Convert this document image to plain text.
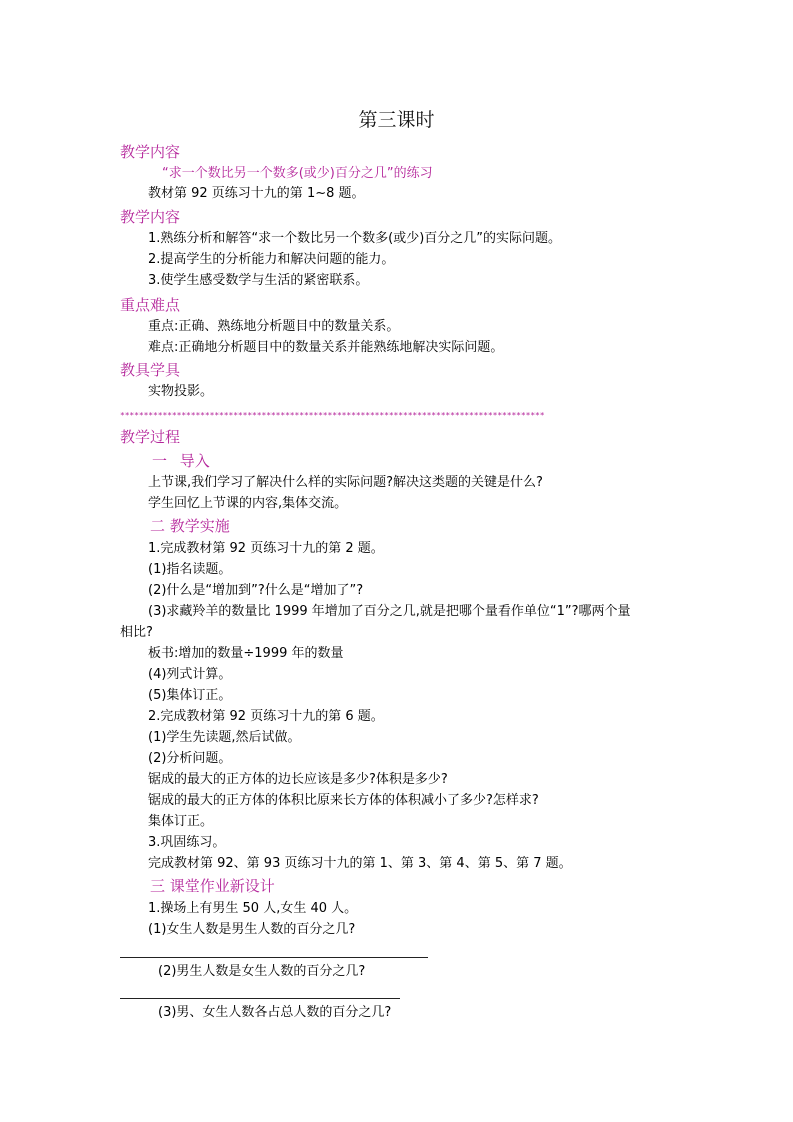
第三课时
教学内容
“求一个数比另一个数多(或少)百分之几”的练习
教材第 92 页练习十九的第 1~8 题。
教学内容
1.熟练分析和解答“求一个数比另一个数多(或少)百分之几”的实际问题。
2.提高学生的分析能力和解决问题的能力。
3.使学生感受数学与生活的紧密联系。
重点难点
重点:正确、熟练地分析题目中的数量关系。
难点:正确地分析题目中的数量关系并能熟练地解决实际问题。
教具学具
实物投影。
******************************************************************************************
教学过程
一 导入
上节课,我们学习了解决什么样的实际问题?解决这类题的关键是什么?
学生回忆上节课的内容,集体交流。
二 教学实施
1.完成教材第 92 页练习十九的第 2 题。
(1)指名读题。
(2)什么是“增加到”?什么是“增加了”?
(3)求藏羚羊的数量比 1999 年增加了百分之几,就是把哪个量看作单位“1”?哪两个量
相比?
板书:增加的数量÷1999 年的数量
(4)列式计算。
(5)集体订正。
2.完成教材第 92 页练习十九的第 6 题。
(1)学生先读题,然后试做。
(2)分析问题。
锯成的最大的正方体的边长应该是多少?体积是多少?
锯成的最大的正方体的体积比原来长方体的体积减小了多少?怎样求?
集体订正。
3.巩固练习。
完成教材第 92、第 93 页练习十九的第 1、第 3、第 4、第 5、第 7 题。
三 课堂作业新设计
1.操场上有男生 50 人,女生 40 人。
(1)女生人数是男生人数的百分之几?
(2)男生人数是女生人数的百分之几?
(3)男、女生人数各占总人数的百分之几?
